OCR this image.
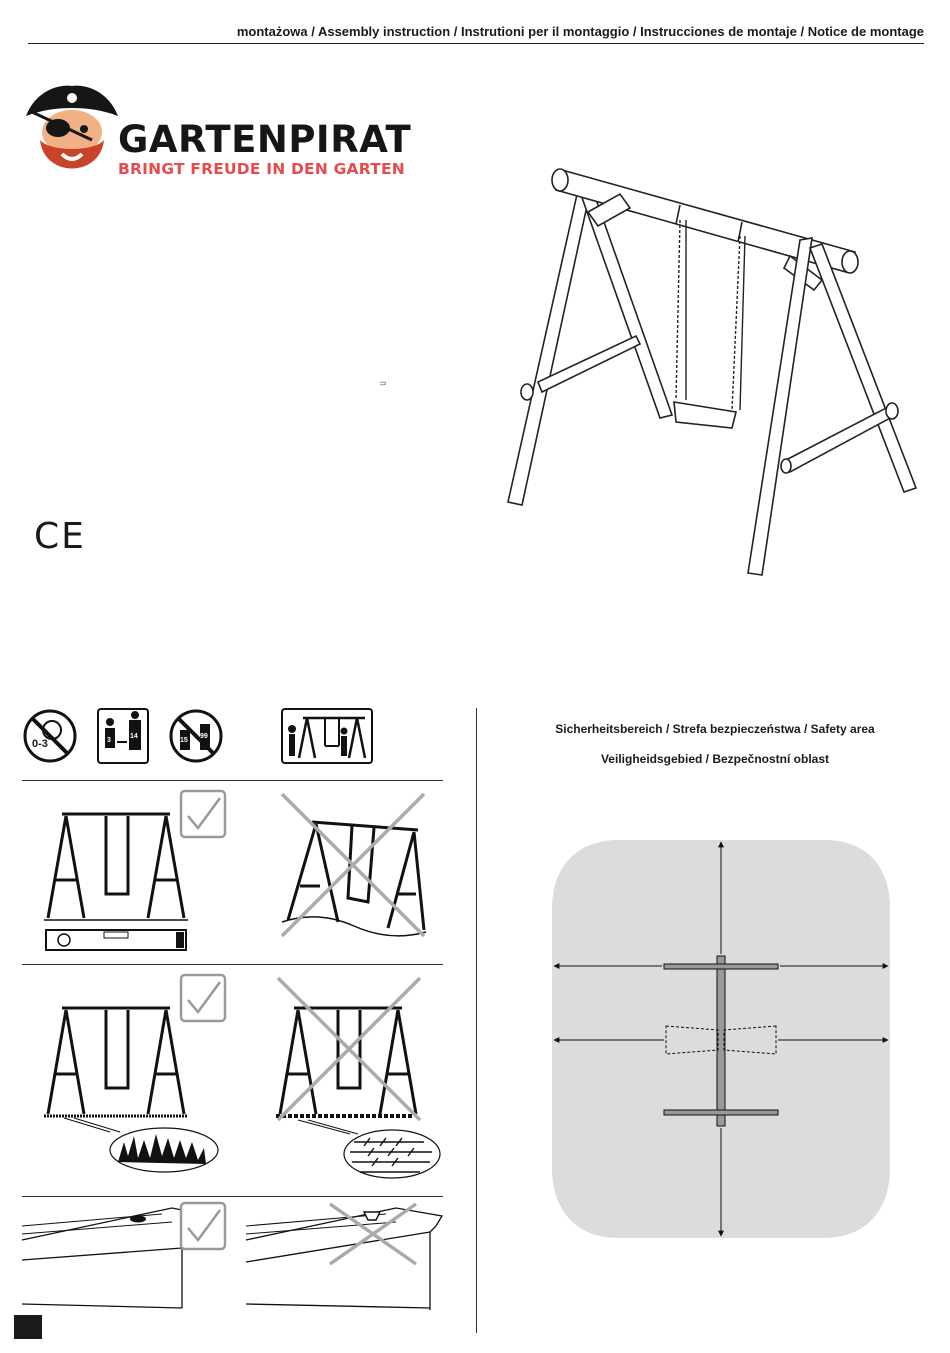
montażowa / Assembly instruction / Instrutioni per il montaggio / Instrucciones de montaje / Notice de montage
GARTENPIRAT
BRINGT FREUDE IN DEN GARTEN
⸧
CE
0-3	3
14
15
99
Sicherheitsbereich / Strefa bezpieczeństwa / Safety area
Veiligheidsgebied / Bezpečnostní oblast
